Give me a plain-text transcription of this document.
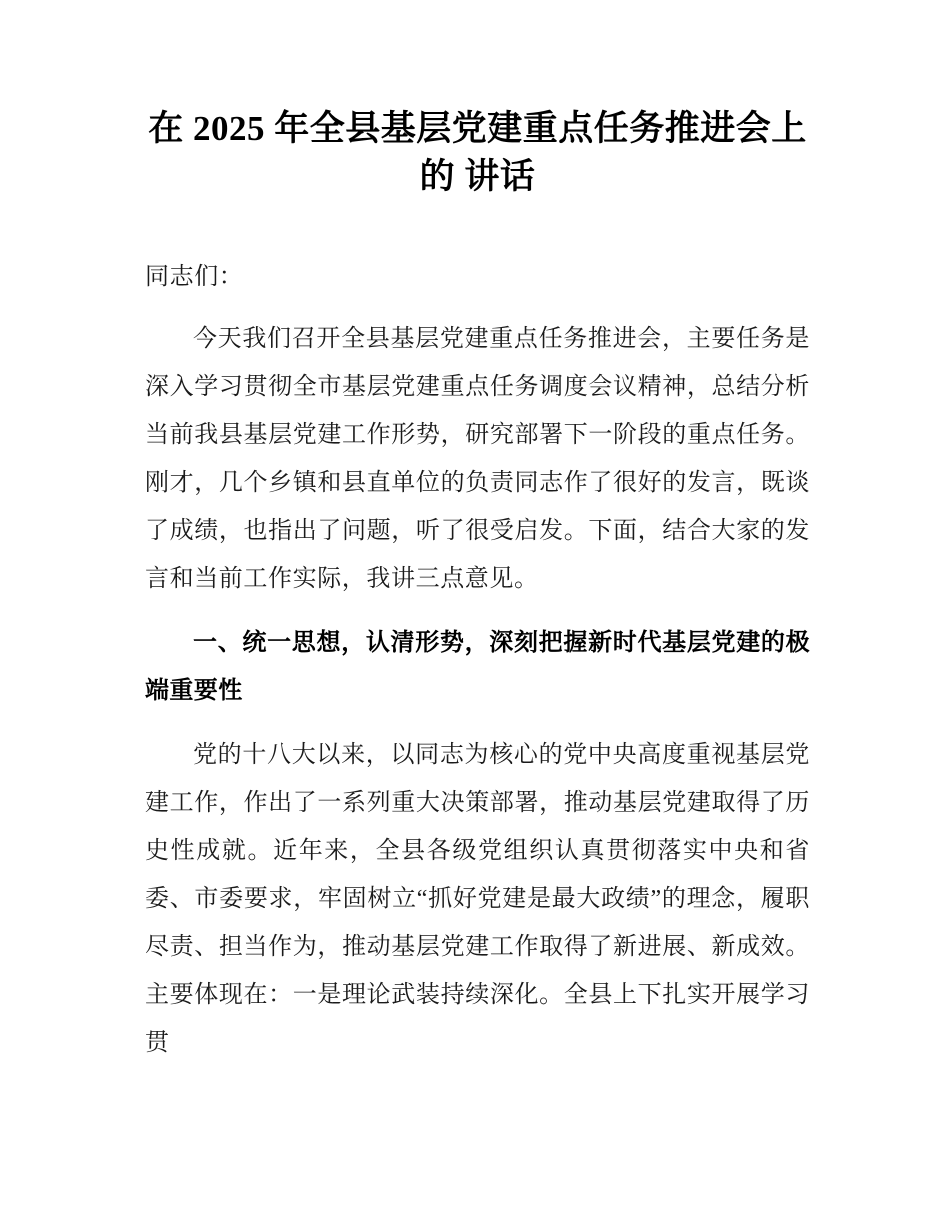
在 2025 年全县基层党建重点任务推进会上的 讲话

同志们：

今天我们召开全县基层党建重点任务推进会，主要任务是深入学习贯彻全市基层党建重点任务调度会议精神，总结分析当前我县基层党建工作形势，研究部署下一阶段的重点任务。刚才，几个乡镇和县直单位的负责同志作了很好的发言，既谈了成绩，也指出了问题，听了很受启发。下面，结合大家的发言和当前工作实际，我讲三点意见。

一、统一思想，认清形势，深刻把握新时代基层党建的极端重要性

党的十八大以来，以同志为核心的党中央高度重视基层党建工作，作出了一系列重大决策部署，推动基层党建取得了历史性成就。近年来，全县各级党组织认真贯彻落实中央和省委、市委要求，牢固树立“抓好党建是最大政绩”的理念，履职尽责、担当作为，推动基层党建工作取得了新进展、新成效。主要体现在：一是理论武装持续深化。全县上下扎实开展学习贯
